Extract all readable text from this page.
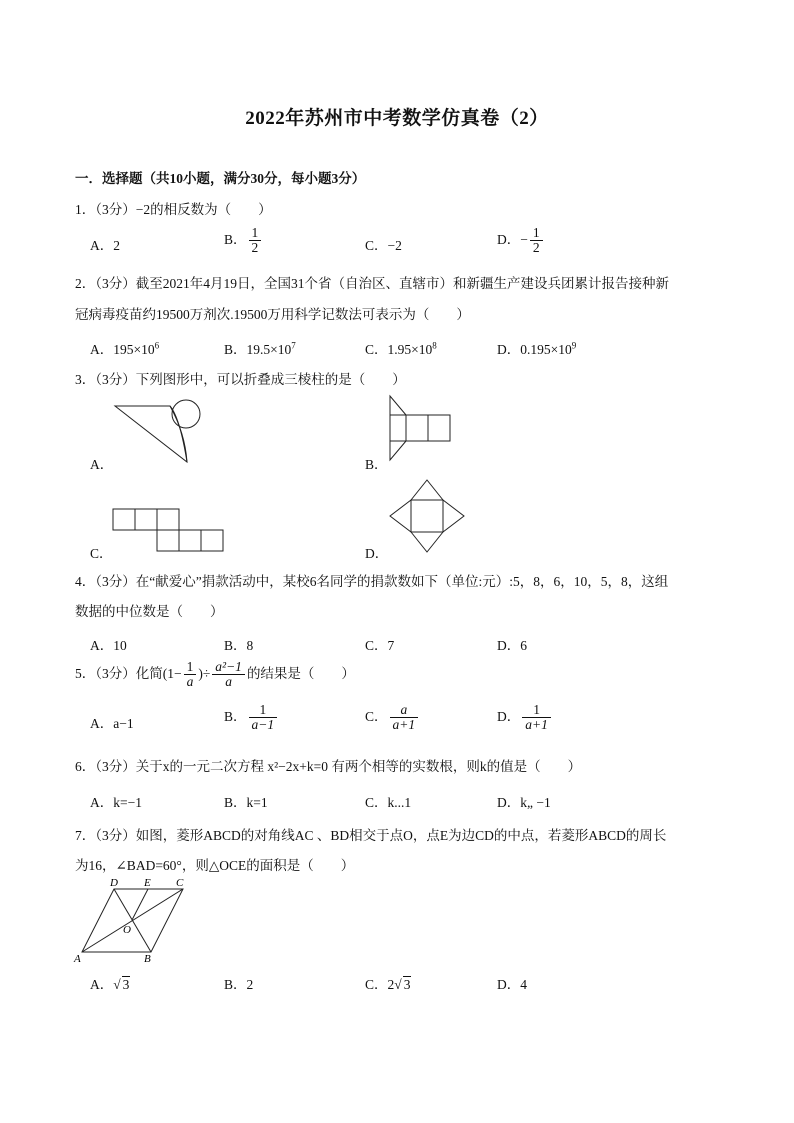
2022年苏州市中考数学仿真卷（2）
一．选择题（共10小题，满分30分，每小题3分）
1．（3分）−2的相反数为（　　）
A．2	B． $\frac{1}{2}$	C．−2	D．− $\frac{1}{2}$
2．（3分）截至2021年4月19日，全国31个省（自治区、直辖市）和新疆生产建设兵团累计报告接种新
冠病毒疫苗约19500万剂次.19500万用科学记数法可表示为（　　）
A．$195\times 10^6$	B．$19.5\times 10^7$	C．$1.95\times 10^8$	D．$0.195\times 10^9$
3．（3分）下列图形中，可以折叠成三棱柱的是（　　）
A．	B．
C．	D．
4．（3分）在“献爱心”捐款活动中，某校6名同学的捐款数如下（单位:元）:5，8，6，10，5，8，这组
数据的中位数是（　　）
A．10	B．8	C．7	D．6
5．（3分）化简($1- \frac{1}{a}$ )÷ $\frac{\text{a²−1}}{a}$ 的结果是（　　）
A．a−1	B． $\frac{1}{a-1}$	C． $\frac{a}{a+1}$	D． $\frac{1}{a+1}$
6．（3分）关于x的一元二次方程 x²−2x+k=0 有两个相等的实数根，则k的值是（　　）
A．k=−1	B．k=1	C．k...1	D．k„ −1
7．（3分）如图，菱形ABCD的对角线AC 、BD相交于点O，点E为边CD的中点，若菱形ABCD的周长
为16，∠BAD=60°，则△OCE的面积是（　　）
A	B
C
D E
O
A．√ 3	B．2	C．2√ 3	D．4
